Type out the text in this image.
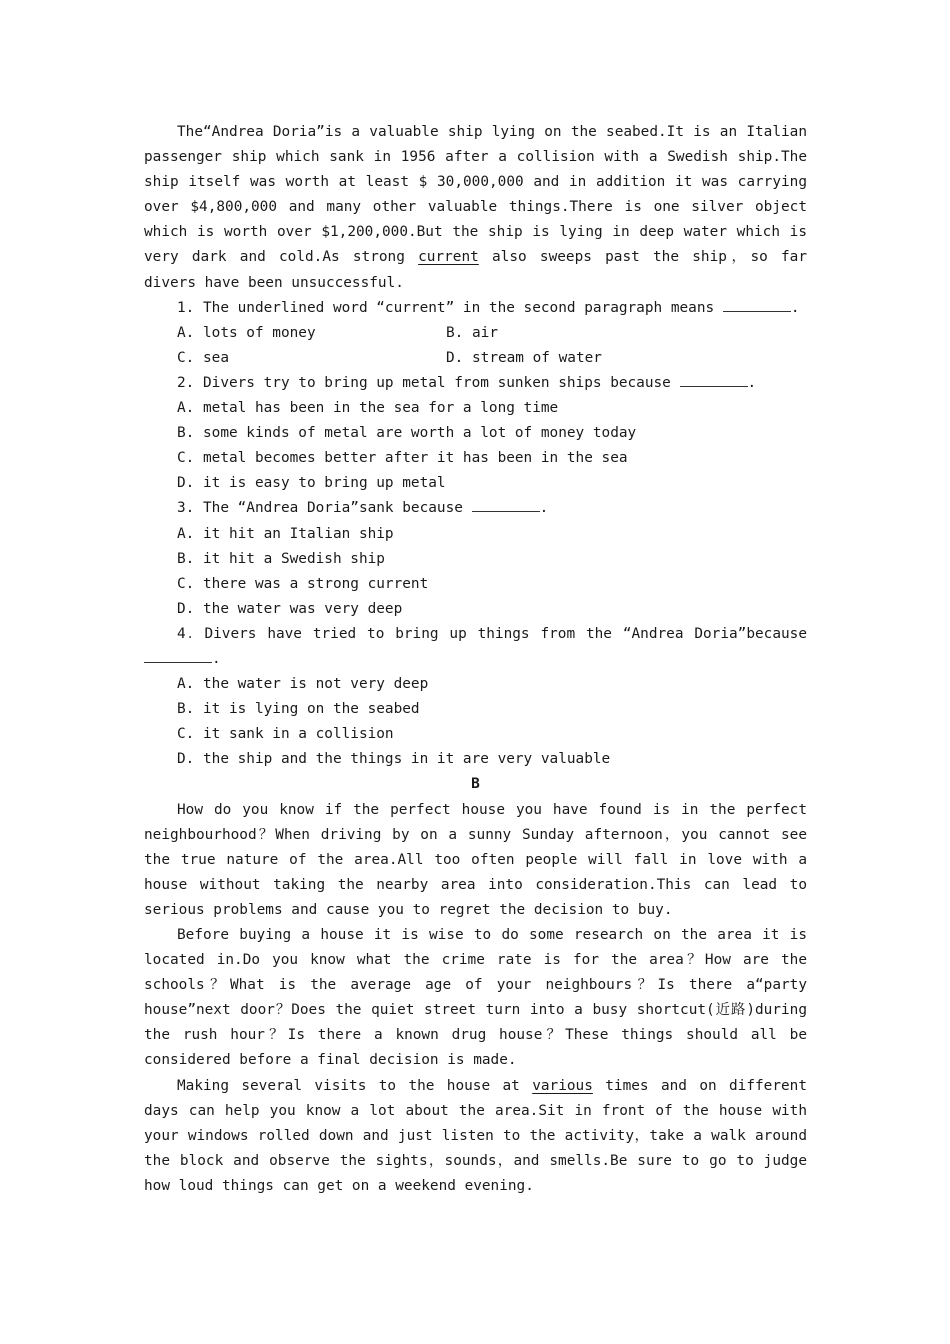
The“Andrea Doria”is a valuable ship lying on the seabed.It is an Italian passenger ship which sank in 1956 after a collision with a Swedish ship.The ship itself was worth at least $ 30,000,000 and in addition it was carrying over $4,800,000 and many other valuable things.There is one silver object which is worth over $1,200,000.But the ship is lying in deep water which is very dark and cold.As strong current also sweeps past the ship，so far divers have been unsuccessful.

1. The underlined word “current” in the second paragraph means	.

A. lots of money	B. air
C. sea	D. stream of water

2. Divers try to bring up metal from sunken ships because	.

A. metal has been in the sea for a long time

B. some kinds of metal are worth a lot of money today

C. metal becomes better after it has been in the sea

D. it is easy to bring up metal

3. The “Andrea Doria”sank because	.

A. it hit an Italian ship

B. it hit a Swedish ship

C. there was a strong current

D. the water was very deep

4．Divers have tried to bring up things from the “Andrea Doria”because

.

A. the water is not very deep

B. it is lying on the seabed

C. it sank in a collision

D. the ship and the things in it are very valuable

B

How do you know if the perfect house you have found is in the perfect neighbourhood？When driving by on a sunny Sunday afternoon，you cannot see the true nature of the area.All too often people will fall in love with a house without taking the nearby area into consideration.This can lead to serious problems and cause you to regret the decision to buy.

Before buying a house it is wise to do some research on the area it is located in.Do you know what the crime rate is for the area？How are the schools？What is the average age of your neighbours？Is there a“party house”next door？Does the quiet street turn into a busy shortcut(近路)during the rush hour？Is there a known drug house？These things should all be considered before a final decision is made.

Making several visits to the house at various times and on different days can help you know a lot about the area.Sit in front of the house with your windows rolled down and just listen to the activity，take a walk around the block and observe the sights，sounds，and smells.Be sure to go to judge how loud things can get on a weekend evening.
